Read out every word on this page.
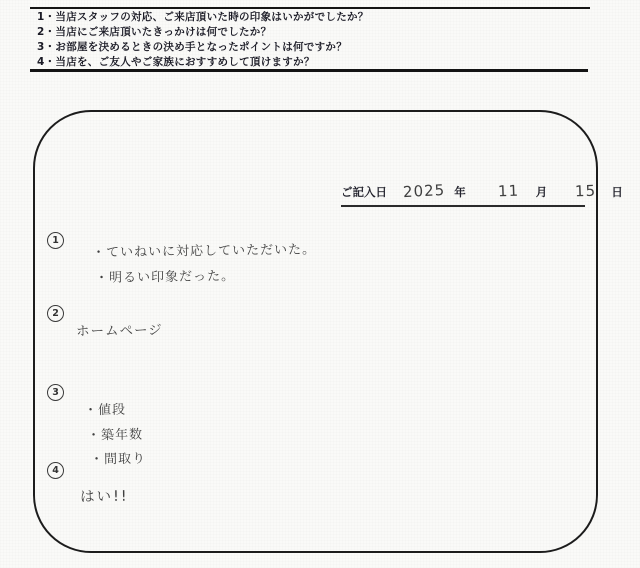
1・当店スタッフの対応、ご来店頂いた時の印象はいかがでしたか？
2・当店にご来店頂いたきっかけは何でしたか？
3・お部屋を決めるときの決め手となったポイントは何ですか？
4・当店を、ご友人やご家族におすすめして頂けますか？
ご記入日 2025 年 11 月 15 日
1
2
3
4
・ていねいに対応していただいた。
・明るい印象だった。
ホームページ
・値段
・築年数
・間取り
はい!!
